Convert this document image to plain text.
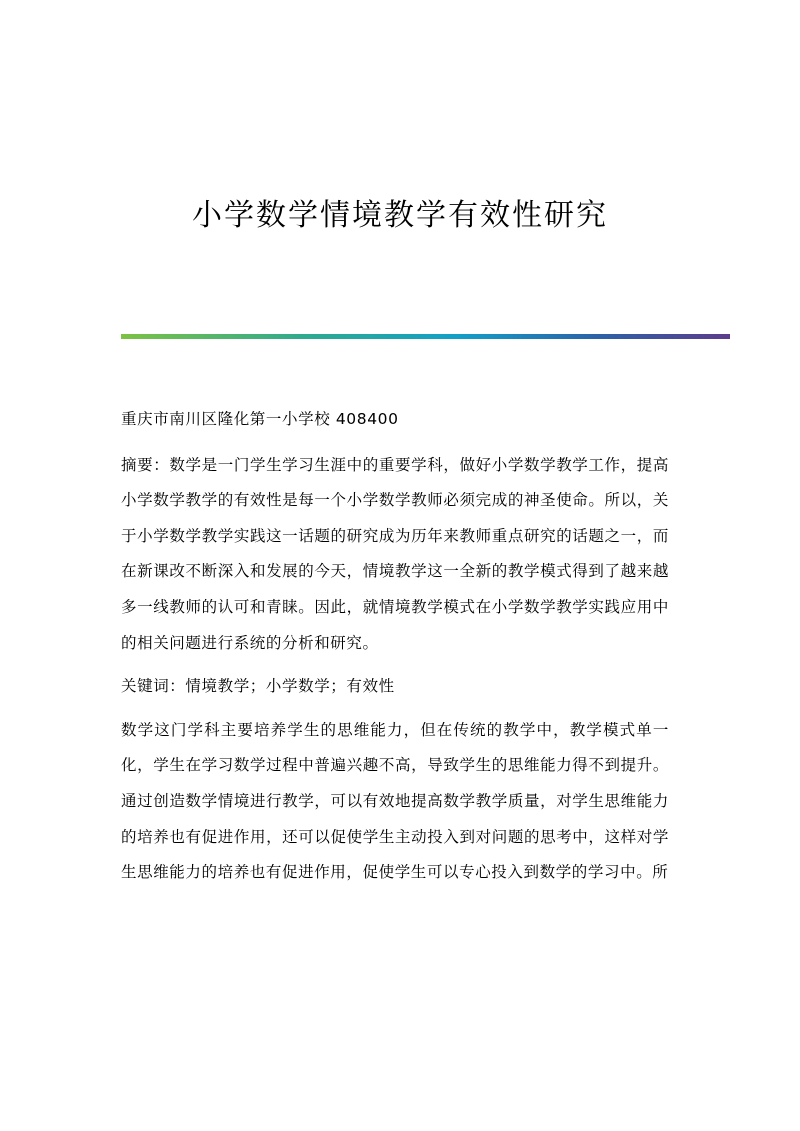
小学数学情境教学有效性研究

重庆市南川区隆化第一小学校 408400

摘要：数学是一门学生学习生涯中的重要学科，做好小学数学教学工作，提高小学数学教学的有效性是每一个小学数学教师必须完成的神圣使命。所以，关于小学数学教学实践这一话题的研究成为历年来教师重点研究的话题之一，而在新课改不断深入和发展的今天，情境教学这一全新的教学模式得到了越来越多一线教师的认可和青睐。因此，就情境教学模式在小学数学教学实践应用中的相关问题进行系统的分析和研究。

关键词：情境教学；小学数学；有效性

数学这门学科主要培养学生的思维能力，但在传统的教学中，教学模式单一化，学生在学习数学过程中普遍兴趣不高，导致学生的思维能力得不到提升。通过创造数学情境进行教学，可以有效地提高数学教学质量，对学生思维能力的培养也有促进作用，还可以促使学生主动投入到对问题的思考中，这样对学生思维能力的培养也有促进作用，促使学生可以专心投入到数学的学习中。所
